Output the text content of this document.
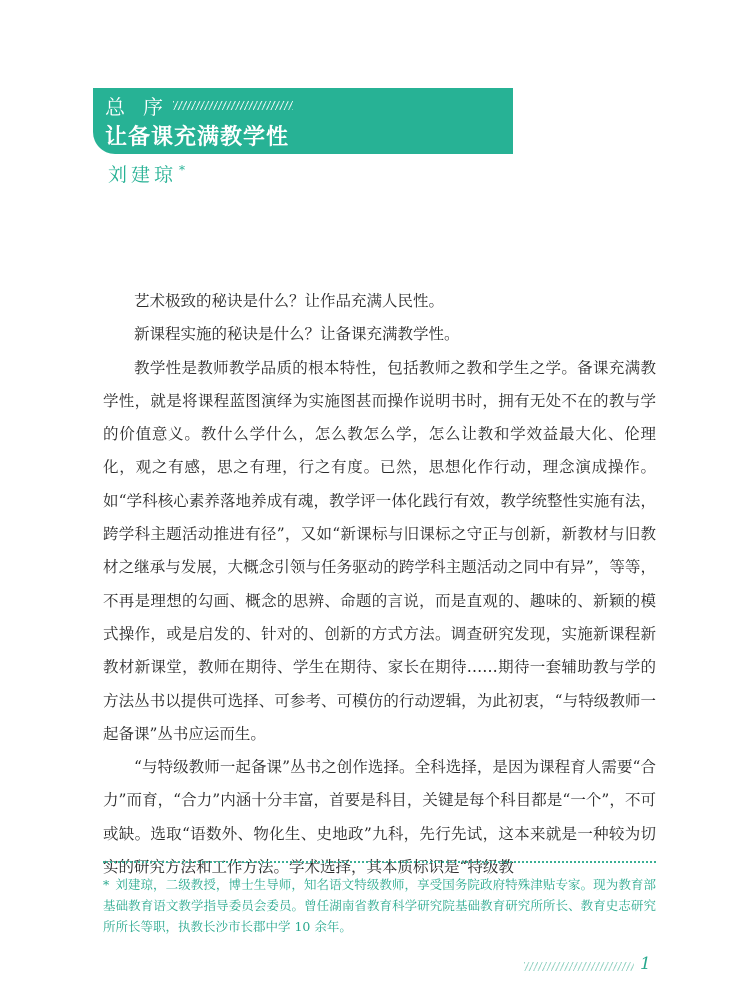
总 序
让备课充满教学性
刘建琼 *

艺术极致的秘诀是什么？让作品充满人民性。

新课程实施的秘诀是什么？让备课充满教学性。

教学性是教师教学品质的根本特性，包括教师之教和学生之学。备课充满教学性，就是将课程蓝图演绎为实施图甚而操作说明书时，拥有无处不在的教与学的价值意义。教什么学什么，怎么教怎么学，怎么让教和学效益最大化、伦理化，观之有感，思之有理，行之有度。已然，思想化作行动，理念演成操作。如“学科核心素养落地养成有魂，教学评一体化践行有效，教学统整性实施有法，跨学科主题活动推进有径”，又如“新课标与旧课标之守正与创新，新教材与旧教材之继承与发展，大概念引领与任务驱动的跨学科主题活动之同中有异”，等等，不再是理想的勾画、概念的思辨、命题的言说，而是直观的、趣味的、新颖的模式操作，或是启发的、针对的、创新的方式方法。调查研究发现，实施新课程新教材新课堂，教师在期待、学生在期待、家长在期待……期待一套辅助教与学的方法丛书以提供可选择、可参考、可模仿的行动逻辑，为此初衷，“与特级教师一起备课”丛书应运而生。

“与特级教师一起备课”丛书之创作选择。全科选择，是因为课程育人需要“合力”而育，“合力”内涵十分丰富，首要是科目，关键是每个科目都是“一个”，不可或缺。选取“语数外、物化生、史地政”九科，先行先试，这本来就是一种较为切实的研究方法和工作方法。学术选择，其本质标识是“特级教

* 刘建琼，二级教授，博士生导师，知名语文特级教师，享受国务院政府特殊津贴专家。现为教育部基础教育语文教学指导委员会委员。曾任湖南省教育科学研究院基础教育研究所所长、教育史志研究所所长等职，执教长沙市长郡中学 10 余年。
1
